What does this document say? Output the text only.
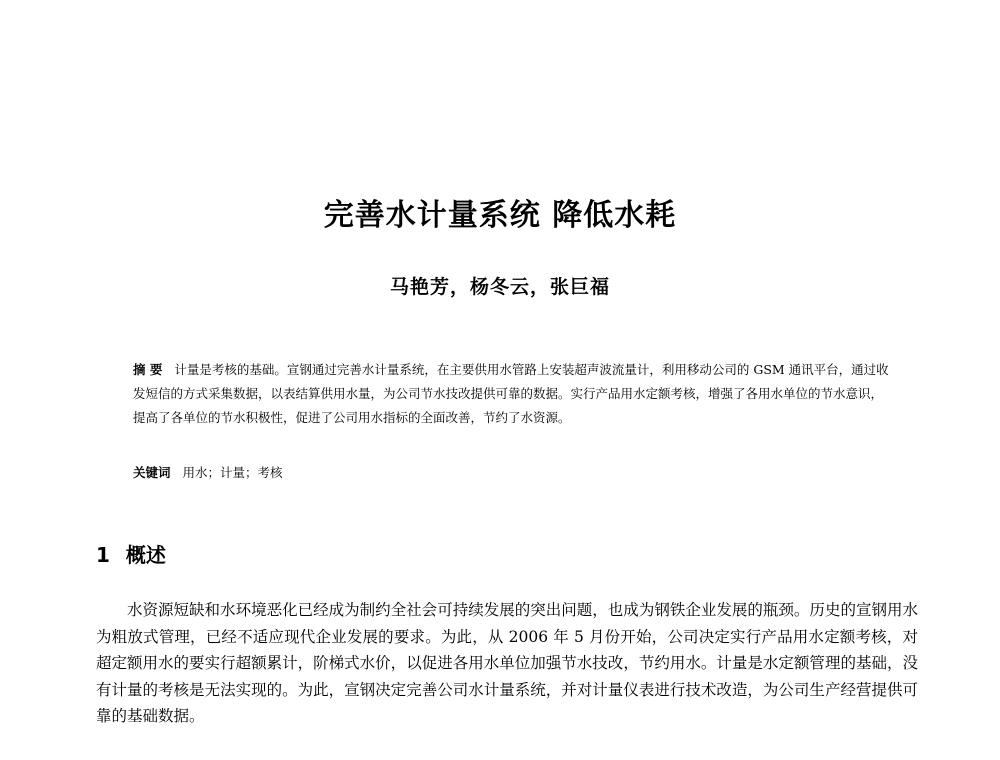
完善水计量系统 降低水耗
马艳芳，杨冬云，张巨福

摘 要 计量是考核的基础。宣钢通过完善水计量系统，在主要供用水管路上安装超声波流量计，利用移动公司的 GSM 通讯平台，通过收发短信的方式采集数据，以表结算供用水量，为公司节水技改提供可靠的数据。实行产品用水定额考核，增强了各用水单位的节水意识，提高了各单位的节水积极性，促进了公司用水指标的全面改善，节约了水资源。

关键词 用水；计量；考核
1 概述

水资源短缺和水环境恶化已经成为制约全社会可持续发展的突出问题，也成为钢铁企业发展的瓶颈。历史的宣钢用水为粗放式管理，已经不适应现代企业发展的要求。为此，从 2006 年 5 月份开始，公司决定实行产品用水定额考核，对超定额用水的要实行超额累计，阶梯式水价，以促进各用水单位加强节水技改，节约用水。计量是水定额管理的基础，没有计量的考核是无法实现的。为此，宣钢决定完善公司水计量系统，并对计量仪表进行技术改造，为公司生产经营提供可靠的基础数据。
